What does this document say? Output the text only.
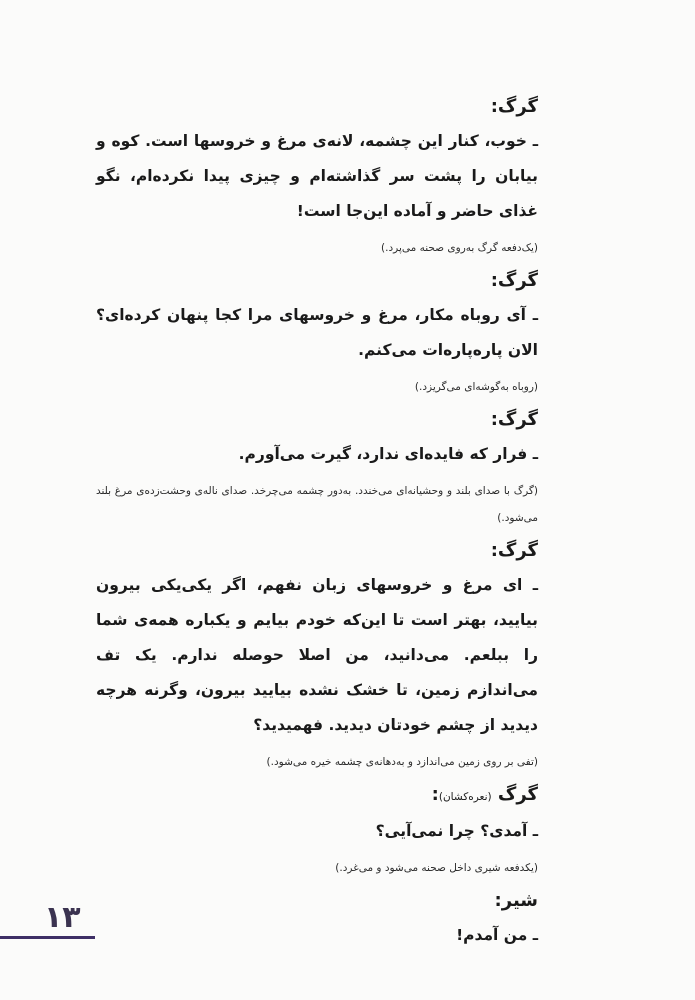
گرگ:
ـ خوب، کنار این چشمه، لانه‌ی مرغ و خروسها است. کوه و بیابان را پشت سر گذاشته‌ام و چیزی پیدا نکرده‌ام، نگو غذای حاضر و آماده این‌جا است!
(یک‌دفعه گرگ به‌روی صحنه می‌پرد.)
گرگ:
ـ آی روباه مکار، مرغ و خروسهای مرا کجا پنهان کرده‌ای؟ الان پاره‌پاره‌ات می‌کنم.
(روباه به‌گوشه‌ای می‌گریزد.)
گرگ:
ـ فرار که فایده‌ای ندارد، گیرت می‌آورم.
(گرگ با صدای بلند و وحشیانه‌ای می‌خندد. به‌دور چشمه می‌چرخد. صدای ناله‌ی وحشت‌زده‌ی مرغ بلند می‌شود.)
گرگ:
ـ ای مرغ و خروسهای زبان نفهم، اگر یکی‌یکی بیرون بیایید، بهتر است تا این‌که خودم بیایم و یکباره همه‌ی شما را ببلعم. می‌دانید، من اصلا حوصله ندارم. یک تف می‌اندازم زمین، تا خشک نشده بیایید بیرون، وگرنه هرچه دیدید از چشم خودتان دیدید. فهمیدید؟
(تفی بر روی زمین می‌اندازد و به‌دهانه‌ی چشمه خیره می‌شود.)
گرگ (نعره‌کشان):
ـ آمدی؟ چرا نمی‌آیی؟
(یکدفعه شیری داخل صحنه می‌شود و می‌غرد.)
شیر:
ـ من آمدم!
۱۳
